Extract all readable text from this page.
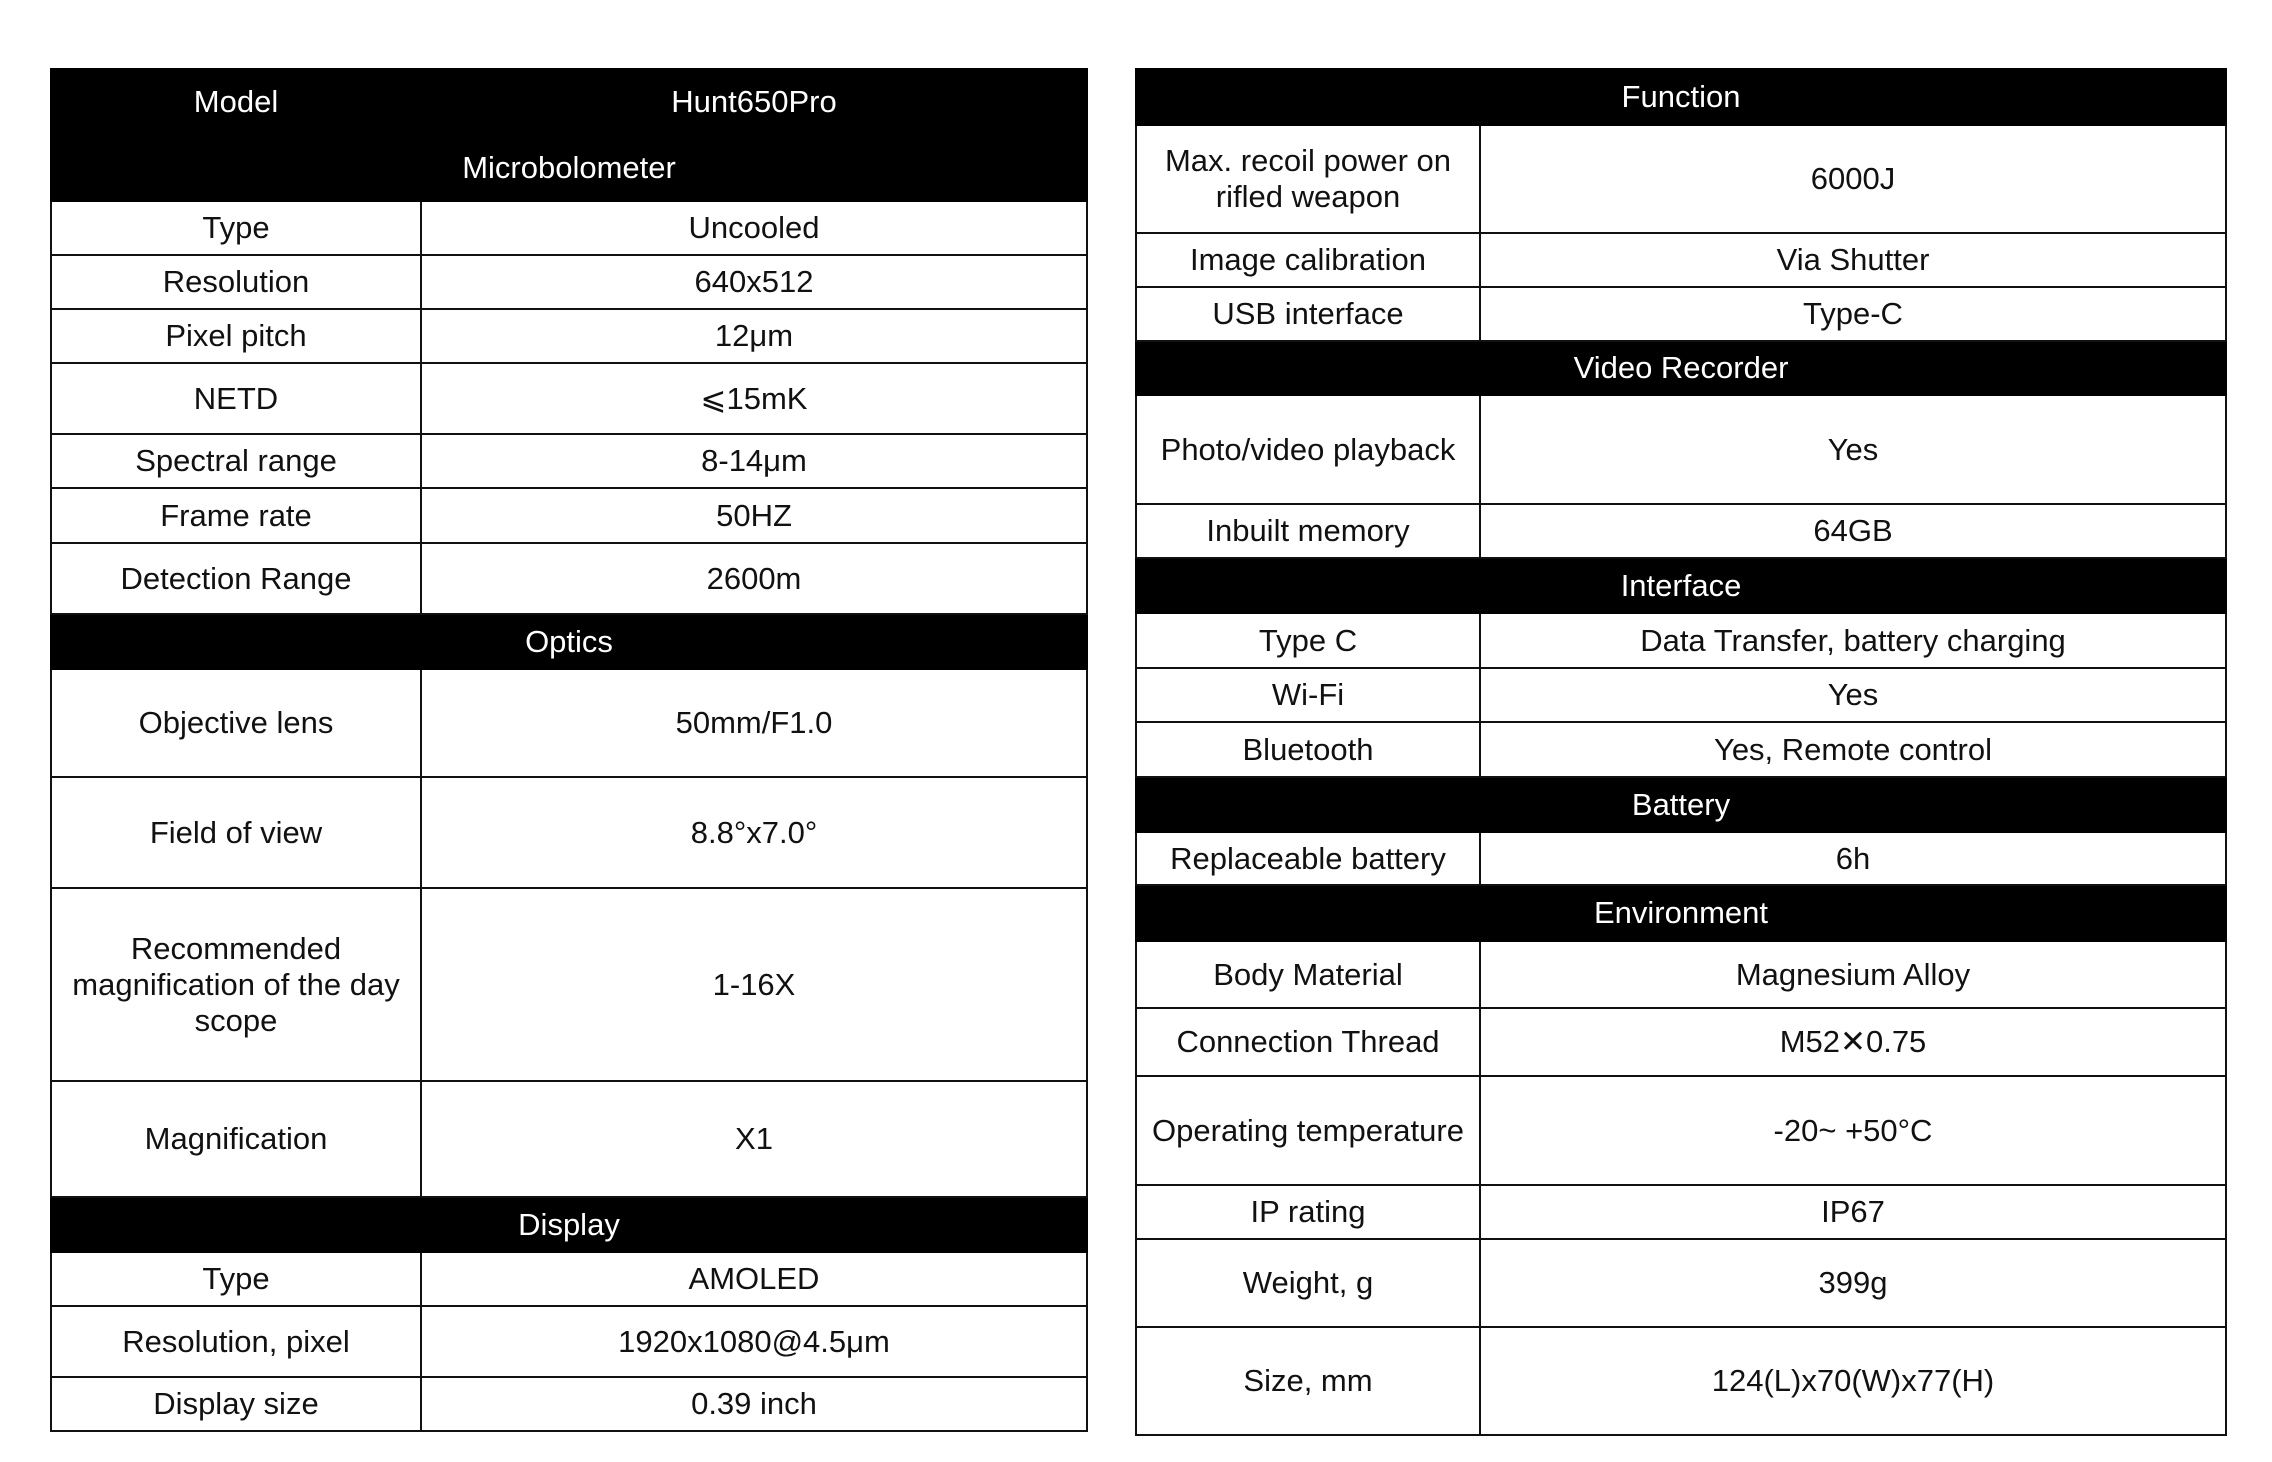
Model	Hunt650Pro
Microbolometer	
Type	Uncooled
Resolution	640x512
Pixel pitch	12μm
NETD	⩽15mK
Spectral range	8-14μm
Frame rate	50HZ
Detection Range	2600m
Optics	
Objective lens	50mm/F1.0
Field of view	8.8°x7.0°
Recommended magnification of the day scope	1-16X
Magnification	X1
Display	
Type	AMOLED
Resolution, pixel	1920x1080@4.5μm
Display size	0.39 inch
Function	
Max. recoil power on rifled weapon	6000J
Image calibration	Via Shutter
USB interface	Type-C
Video Recorder	
Photo/video playback	Yes
Inbuilt memory	64GB
Interface	
Type C	Data Transfer, battery charging
Wi-Fi	Yes
Bluetooth	Yes, Remote control
Battery	
Replaceable battery	6h
Environment	
Body Material	Magnesium Alloy
Connection Thread	M52✕0.75
Operating temperature	-20~ +50°C
IP rating	IP67
Weight, g	399g
Size, mm	124(L)x70(W)x77(H)
